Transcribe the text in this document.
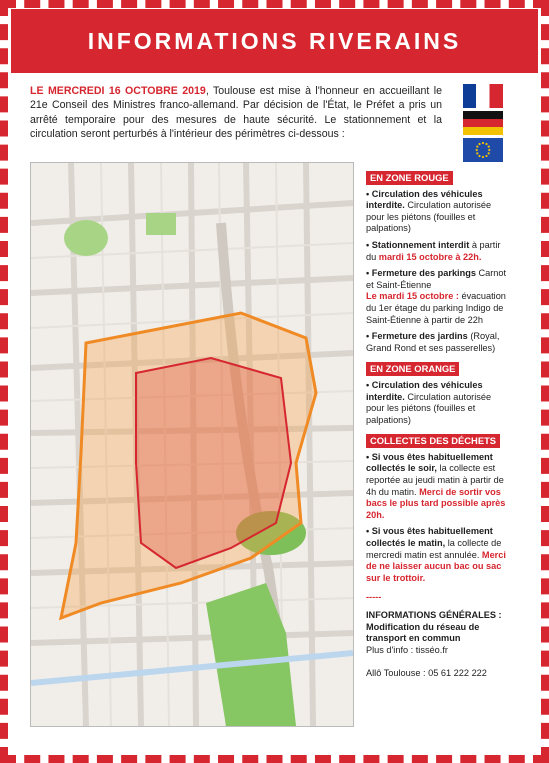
INFORMATIONS RIVERAINS

LE MERCREDI 16 OCTOBRE 2019, Toulouse est mise à l'honneur en accueillant le 21e Conseil des Ministres franco-allemand. Par décision de l'État, le Préfet a pris un arrêté temporaire pour des mesures de haute sécurité. Le stationnement et la circulation seront perturbés à l'intérieur des périmètres ci-dessous :

EN ZONE ROUGE
• Circulation des véhicules interdite. Circulation autorisée pour les piétons (fouilles et palpations)
• Stationnement interdit à partir du mardi 15 octobre à 22h.
• Fermeture des parkings Carnot et Saint-Étienne
Le mardi 15 octobre : évacuation du 1er étage du parking Indigo de Saint-Étienne à partir de 22h
• Fermeture des jardins (Royal, Grand Rond et ses passerelles)
EN ZONE ORANGE
• Circulation des véhicules interdite. Circulation autorisée pour les piétons (fouilles et palpations)
COLLECTES DES DÉCHETS
• Si vous êtes habituellement collectés le soir, la collecte est reportée au jeudi matin à partir de 4h du matin. Merci de sortir vos bacs le plus tard possible après 20h.
• Si vous êtes habituellement collectés le matin, la collecte de mercredi matin est annulée. Merci de ne laisser aucun bac ou sac sur le trottoir.
-----
INFORMATIONS GÉNÉRALES :
Modification du réseau de transport en commun
Plus d'info : tisséo.fr
Allô Toulouse : 05 61 222 222
